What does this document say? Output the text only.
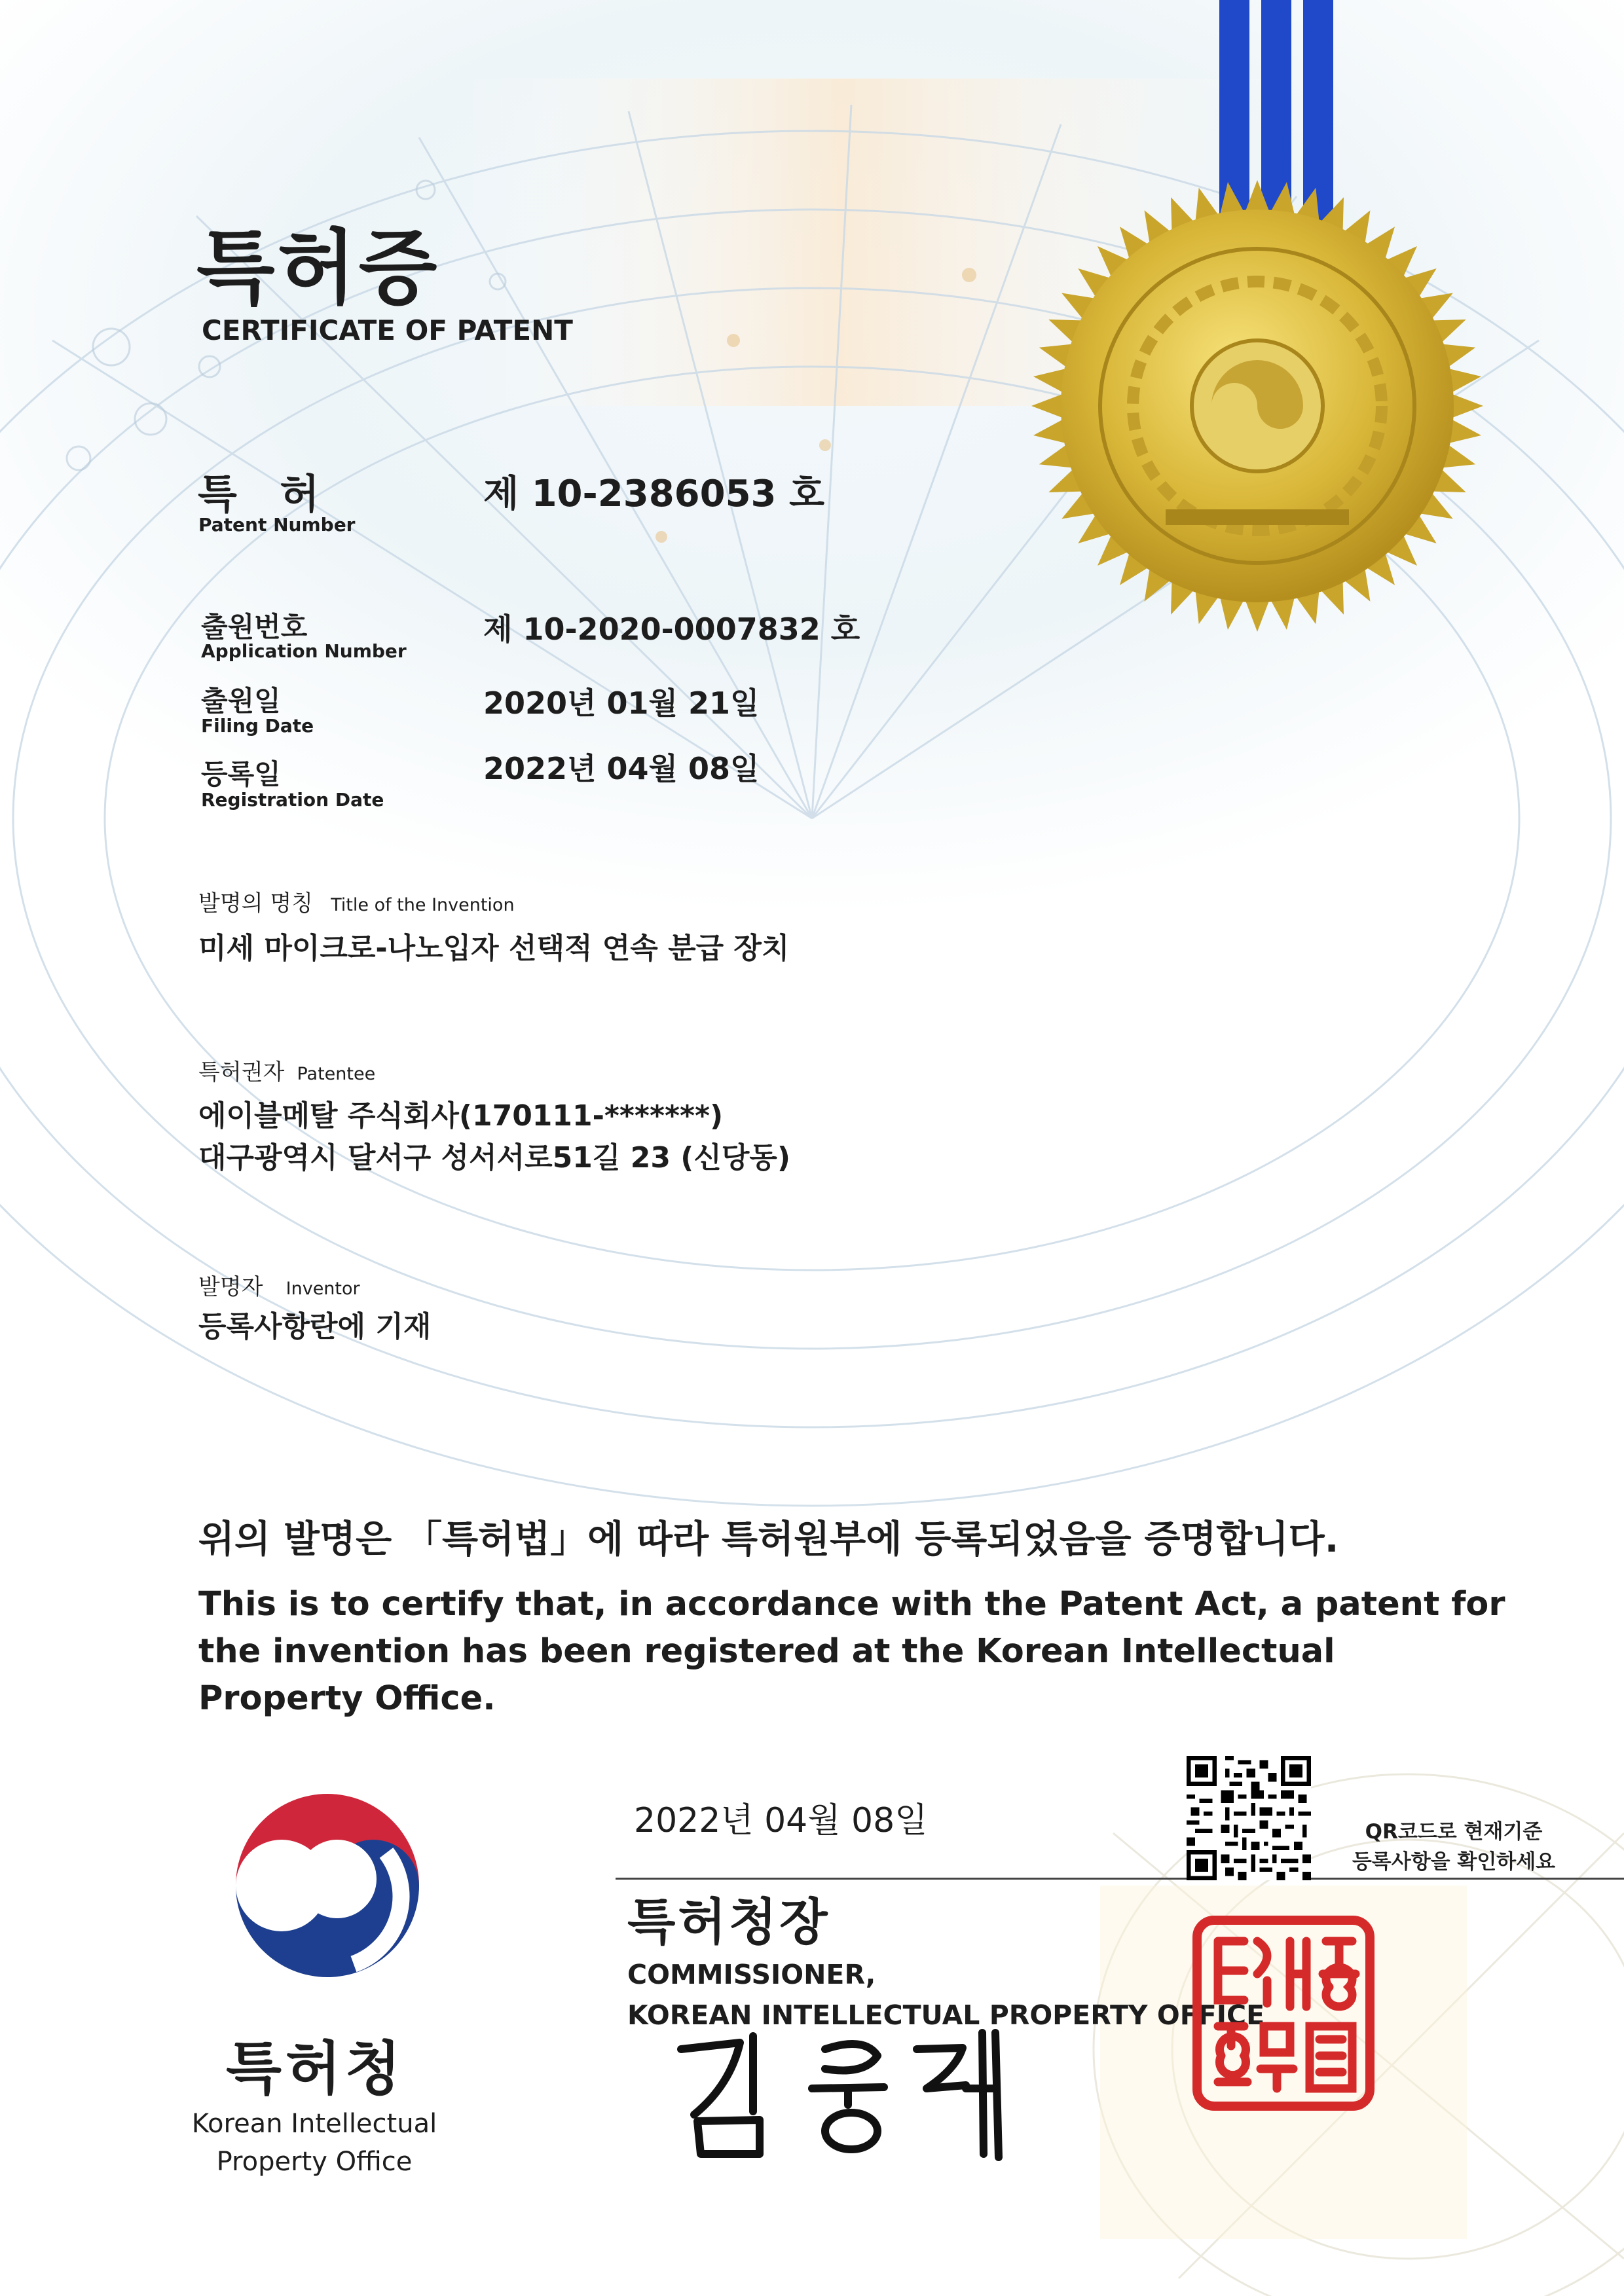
특허증
CERTIFICATE OF PATENT
특 허
Patent Number
제 10-2386053 호
출원번호
Application Number
제 10-2020-0007832 호
출원일
Filing Date
2020년 01월 21일
등록일
Registration Date
2022년 04월 08일
발명의 명칭 Title of the Invention
미세 마이크로-나노입자 선택적 연속 분급 장치
특허권자 Patentee
에이블메탈 주식회사(170111-*******)
대구광역시 달서구 성서서로51길 23 (신당동)
발명자 Inventor
등록사항란에 기재
위의 발명은 「특허법」에 따라 특허원부에 등록되었음을 증명합니다.
This is to certify that, in accordance with the Patent Act, a patent for the invention has been registered at the Korean Intellectual Property Office.
2022년 04월 08일
특허청장
COMMISSIONER,
KOREAN INTELLECTUAL PROPERTY OFFICE
QR코드로 현재기준
등록사항을 확인하세요
특허청
Korean Intellectual
Property Office
